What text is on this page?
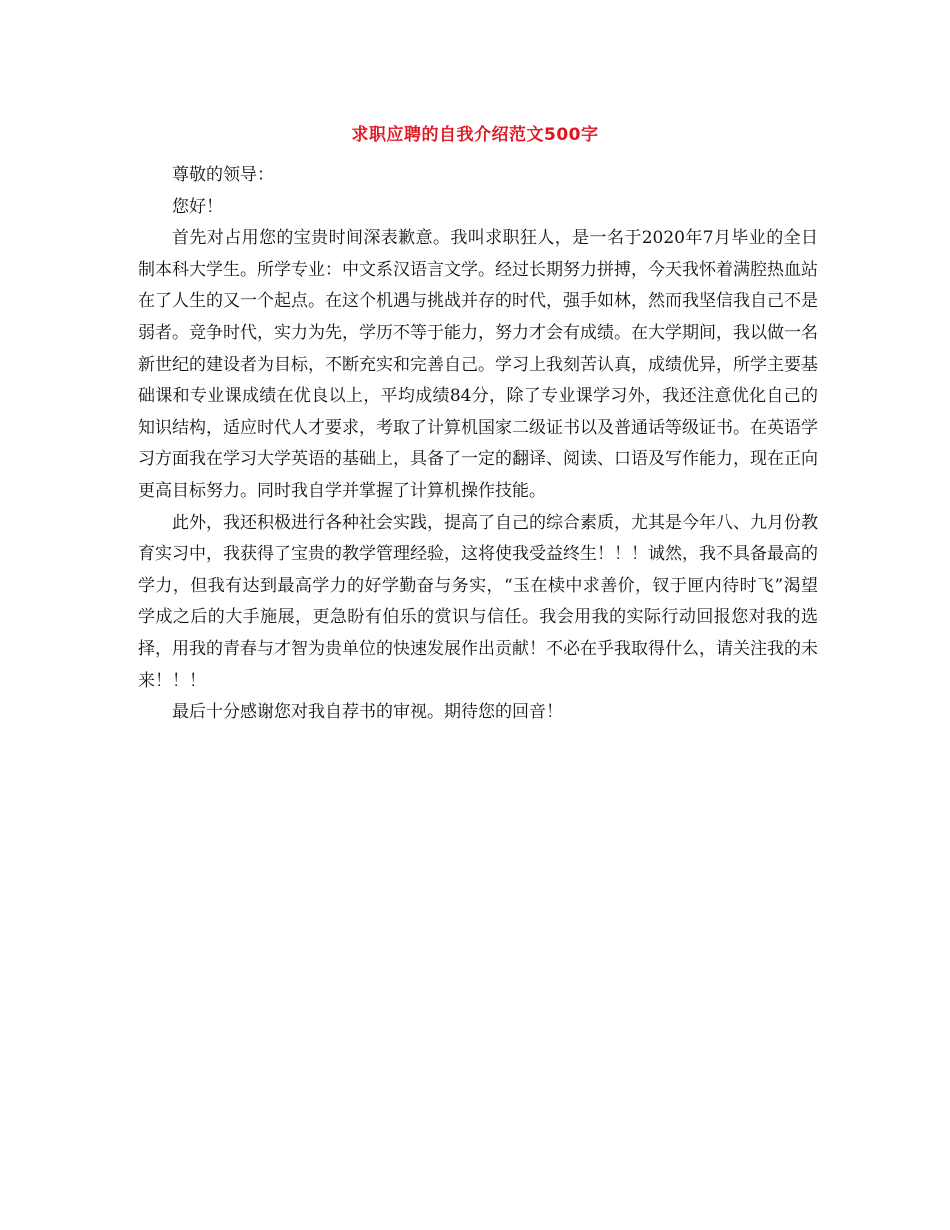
求职应聘的自我介绍范文500字

尊敬的领导：

您好！

首先对占用您的宝贵时间深表歉意。我叫求职狂人，是一名于2020年7月毕业的全日制本科大学生。所学专业：中文系汉语言文学。经过长期努力拼搏，今天我怀着满腔热血站在了人生的又一个起点。在这个机遇与挑战并存的时代，强手如林，然而我坚信我自己不是弱者。竞争时代，实力为先，学历不等于能力，努力才会有成绩。在大学期间，我以做一名新世纪的建设者为目标，不断充实和完善自己。学习上我刻苦认真，成绩优异，所学主要基础课和专业课成绩在优良以上，平均成绩84分，除了专业课学习外，我还注意优化自己的知识结构，适应时代人才要求，考取了计算机国家二级证书以及普通话等级证书。在英语学习方面我在学习大学英语的基础上，具备了一定的翻译、阅读、口语及写作能力，现在正向更高目标努力。同时我自学并掌握了计算机操作技能。

此外，我还积极进行各种社会实践，提高了自己的综合素质，尤其是今年八、九月份教育实习中，我获得了宝贵的教学管理经验，这将使我受益终生！！！诚然，我不具备最高的学力，但我有达到最高学力的好学勤奋与务实，“玉在椟中求善价，钗于匣内待时飞”渴望学成之后的大手施展，更急盼有伯乐的赏识与信任。我会用我的实际行动回报您对我的选择，用我的青春与才智为贵单位的快速发展作出贡献！不必在乎我取得什么，请关注我的未来！！！

最后十分感谢您对我自荐书的审视。期待您的回音！
